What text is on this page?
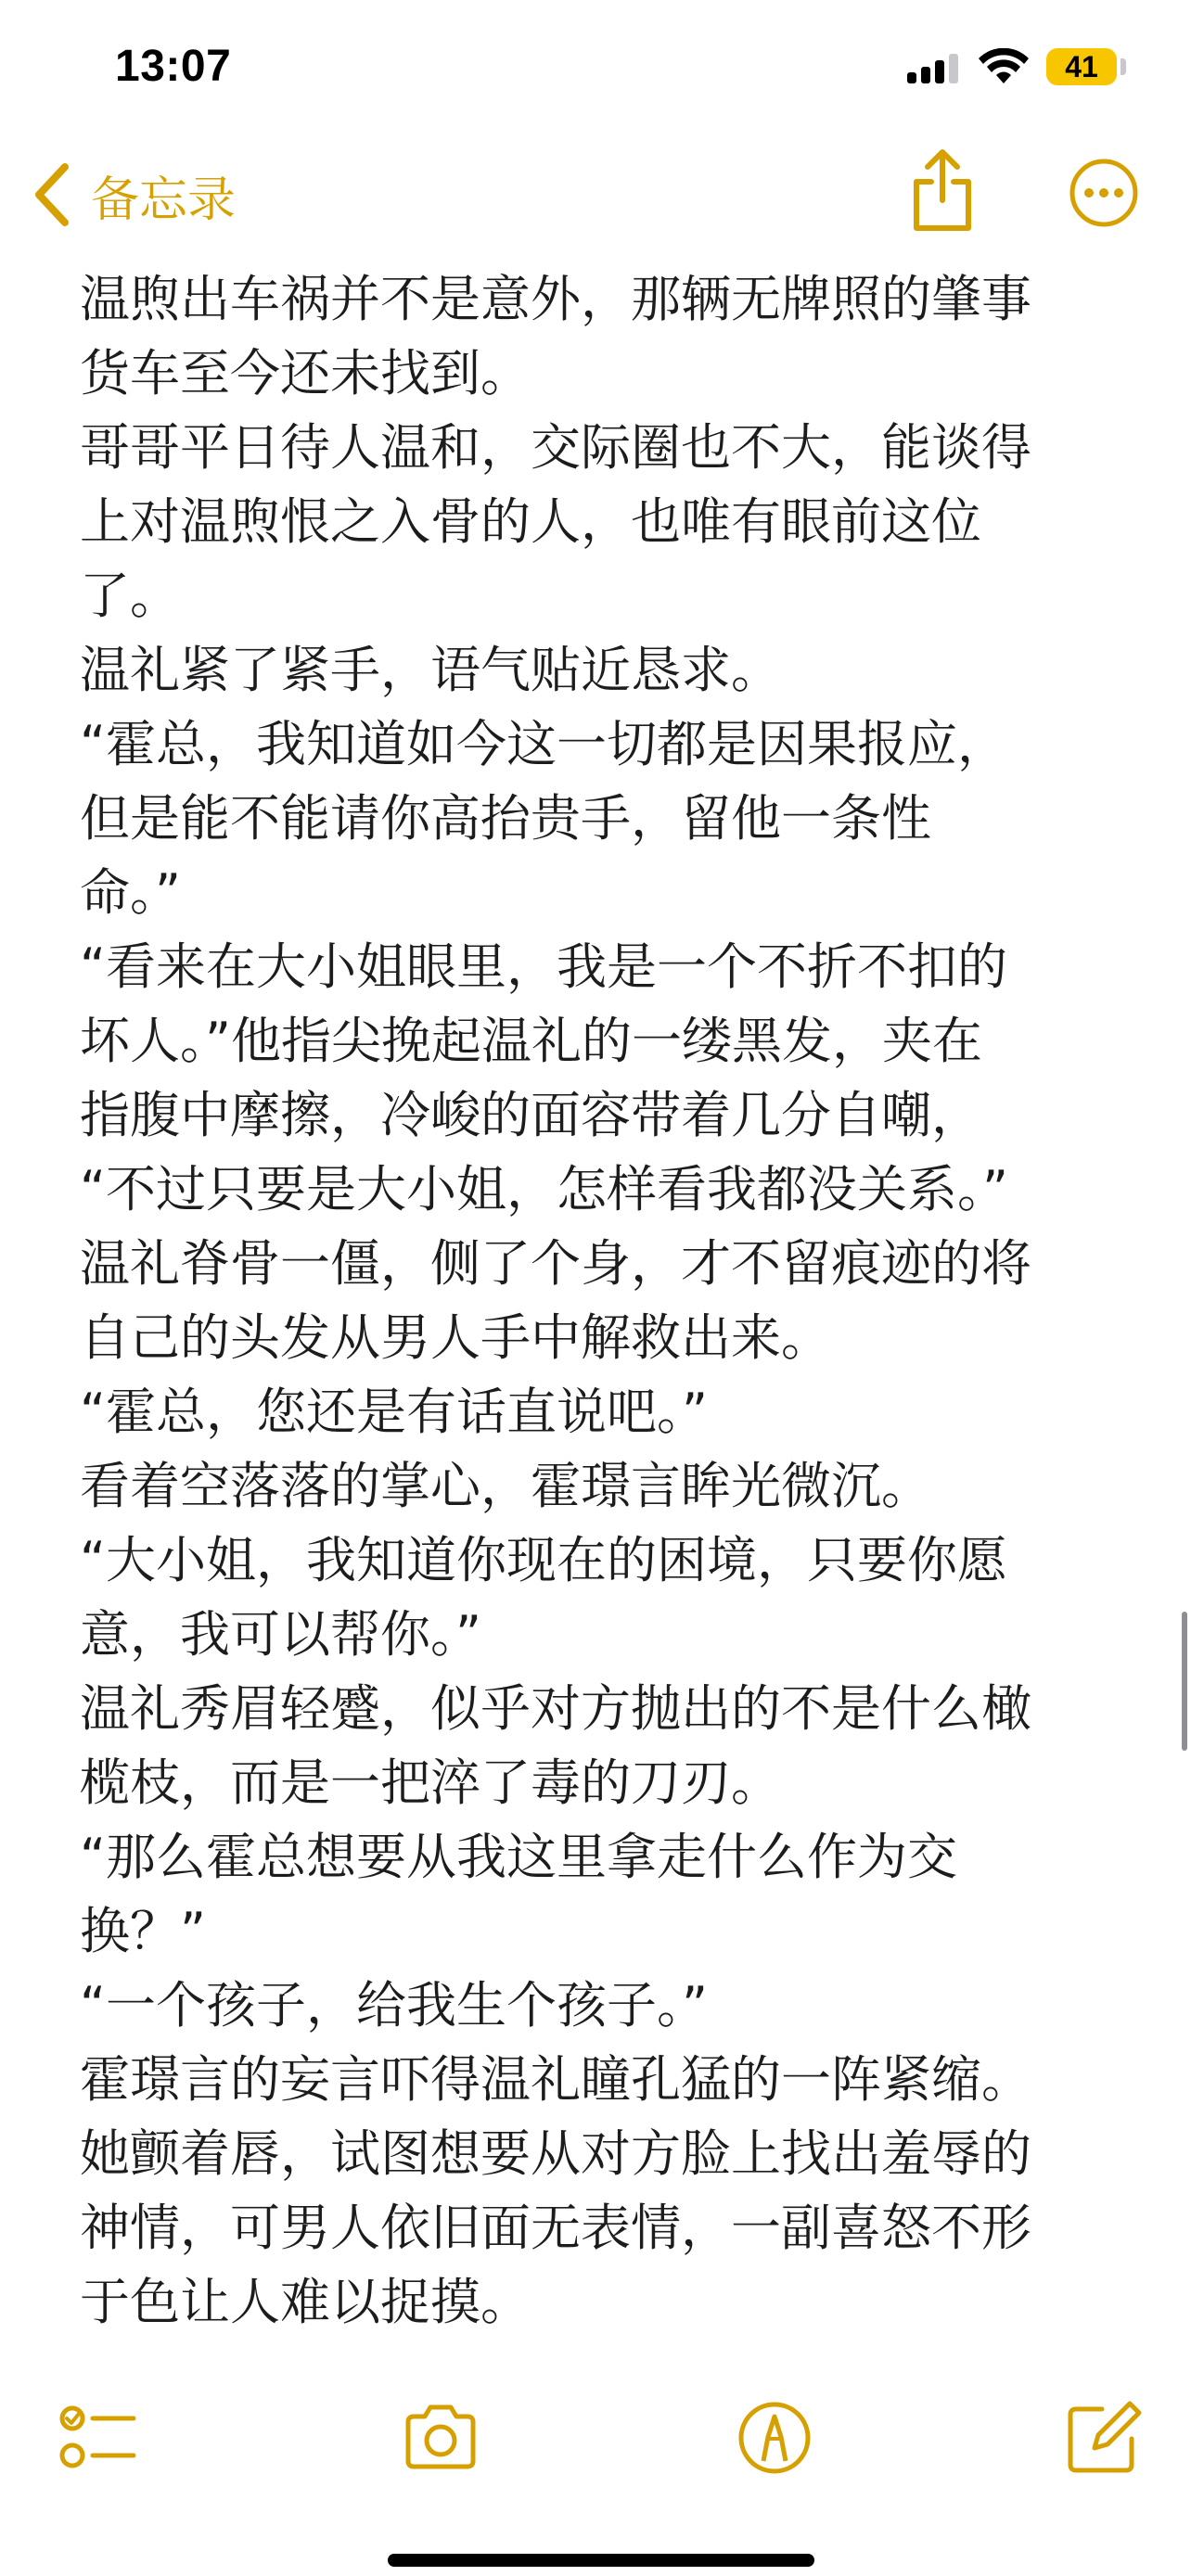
13:07	41
备忘录

温煦出车祸并不是意外，那辆无牌照的肇事

货车至今还未找到。

哥哥平日待人温和，交际圈也不大，能谈得

上对温煦恨之入骨的人，也唯有眼前这位

了。

温礼紧了紧手，语气贴近恳求。

“霍总，我知道如今这一切都是因果报应，

但是能不能请你高抬贵手，留他一条性

命。”

“看来在大小姐眼里，我是一个不折不扣的

坏人。”他指尖挽起温礼的一缕黑发，夹在

指腹中摩擦，冷峻的面容带着几分自嘲，

“不过只要是大小姐，怎样看我都没关系。”

温礼脊骨一僵，侧了个身，才不留痕迹的将

自己的头发从男人手中解救出来。

“霍总，您还是有话直说吧。”

看着空落落的掌心，霍璟言眸光微沉。

“大小姐，我知道你现在的困境，只要你愿

意，我可以帮你。”

温礼秀眉轻蹙，似乎对方抛出的不是什么橄

榄枝，而是一把淬了毒的刀刃。

“那么霍总想要从我这里拿走什么作为交

换？”

“一个孩子，给我生个孩子。”

霍璟言的妄言吓得温礼瞳孔猛的一阵紧缩。

她颤着唇，试图想要从对方脸上找出羞辱的

神情，可男人依旧面无表情，一副喜怒不形

于色让人难以捉摸。
